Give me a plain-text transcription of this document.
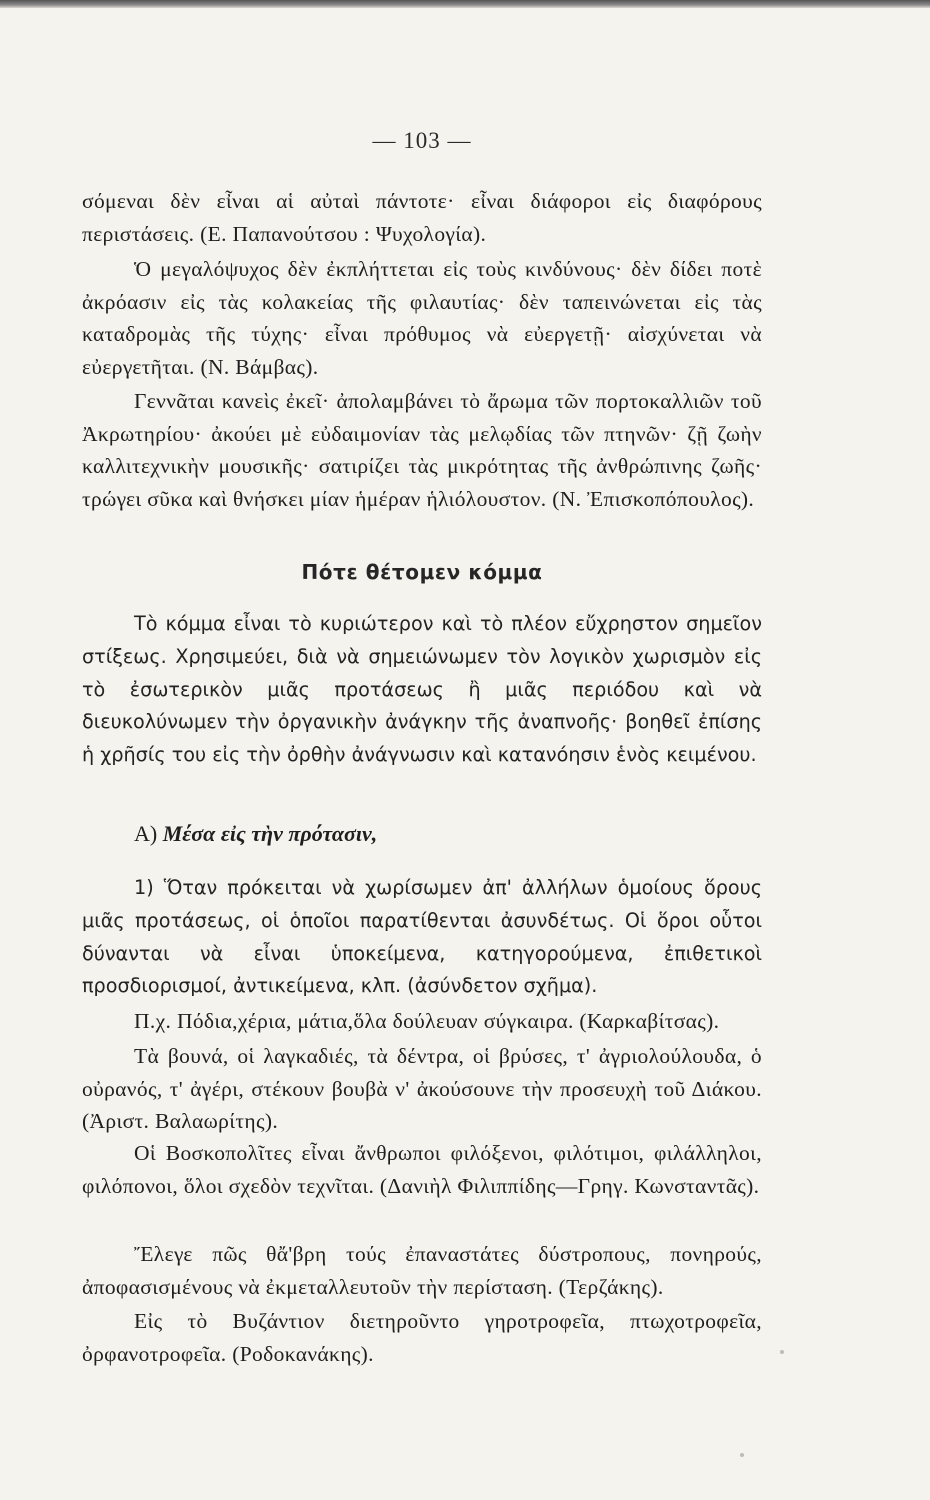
— 103 —

σόμεναι δὲν εἶναι αἱ αὐταὶ πάντοτε· εἶναι διάφοροι εἰς διαφόρους περιστάσεις. (Ε. Παπανούτσου : Ψυχολογία).

Ὁ μεγαλόψυχος δὲν ἐκπλήττεται εἰς τοὺς κινδύνους· δὲν δίδει ποτὲ ἀκρόασιν εἰς τὰς κολακείας τῆς φιλαυτίας· δὲν ταπεινώνεται εἰς τὰς καταδρομὰς τῆς τύχης· εἶναι πρόθυμος νὰ εὐεργετῇ· αἰσχύνεται νὰ εὐεργετῆται. (Ν. Βάμβας).

Γεννᾶται κανεὶς ἐκεῖ· ἀπολαμβάνει τὸ ἄρωμα τῶν πορτοκαλλιῶν τοῦ Ἀκρωτηρίου· ἀκούει μὲ εὐδαιμονίαν τὰς μελῳδίας τῶν πτηνῶν· ζῇ ζωὴν καλλιτεχνικὴν μουσικῆς· σατιρίζει τὰς μικρότητας τῆς ἀνθρώπινης ζωῆς· τρώγει σῦκα καὶ θνήσκει μίαν ἡμέραν ἡλιόλουστον. (Ν. Ἐπισκοπόπουλος).

Πότε θέτομεν κόμμα

Τὸ κόμμα εἶναι τὸ κυριώτερον καὶ τὸ πλέον εὔχρηστον σημεῖον στίξεως. Χρησιμεύει, διὰ νὰ σημειώνωμεν τὸν λογικὸν χωρισμὸν εἰς τὸ ἐσωτερικὸν μιᾶς προτάσεως ἢ μιᾶς περιόδου καὶ νὰ διευκολύνωμεν τὴν ὀργανικὴν ἀνάγκην τῆς ἀναπνοῆς· βοηθεῖ ἐπίσης ἡ χρῆσίς του εἰς τὴν ὀρθὴν ἀνάγνωσιν καὶ κατανόησιν ἑνὸς κειμένου.

Α) Μέσα εἰς τὴν πρότασιν,

1) Ὅταν πρόκειται νὰ χωρίσωμεν ἀπ' ἀλλήλων ὁμοίους ὅρους μιᾶς προτάσεως, οἱ ὁποῖοι παρατίθενται ἀσυνδέτως. Οἱ ὅροι οὗτοι δύνανται νὰ εἶναι ὑποκείμενα, κατηγορούμενα, ἐπιθετικοὶ προσδιορισμοί, ἀντικείμενα, κλπ. (ἀσύνδετον σχῆμα).

Π.χ. Πόδια,χέρια, μάτια,ὅλα δούλευαν σύγκαιρα. (Καρκαβίτσας).

Τὰ βουνά, οἱ λαγκαδιές, τὰ δέντρα, οἱ βρύσες, τ' ἀγριολούλουδα, ὁ οὐρανός, τ' ἀγέρι, στέκουν βουβὰ ν' ἀκούσουνε τὴν προσευχὴ τοῦ Διάκου. (Ἀριστ. Βαλαωρίτης).

Οἱ Βοσκοπολῖτες εἶναι ἄνθρωποι φιλόξενοι, φιλότιμοι, φιλάλληλοι, φιλόπονοι, ὅλοι σχεδὸν τεχνῖται. (Δανιὴλ Φιλιππίδης—Γρηγ. Κωνσταντᾶς).

Ἔλεγε πῶς θἄ'βρη τούς ἐπαναστάτες δύστροπους, πονηρούς, ἀποφασισμένους νὰ ἐκμεταλλευτοῦν τὴν περίσταση. (Τερζάκης).

Εἰς τὸ Βυζάντιον διετηροῦντο γηροτροφεῖα, πτωχοτροφεῖα, ὀρφανοτροφεῖα. (Ροδοκανάκης).
